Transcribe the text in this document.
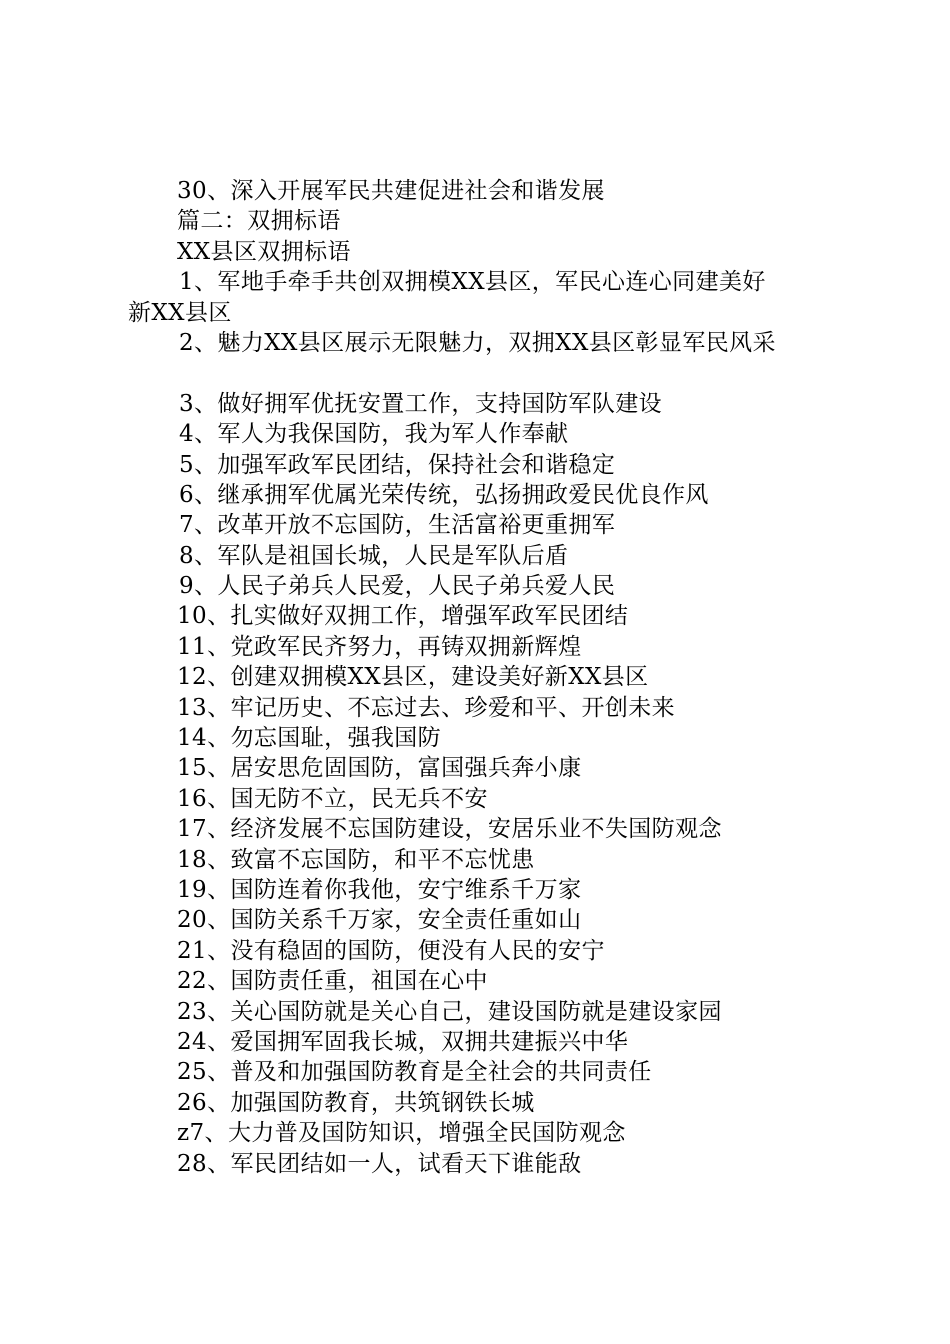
30、深入开展军民共建促进社会和谐发展
篇二：双拥标语
XX县区双拥标语
1、军地手牵手共创双拥模XX县区，军民心连心同建美好
新XX县区
2、魅力XX县区展示无限魅力，双拥XX县区彰显军民风采
3、做好拥军优抚安置工作，支持国防军队建设
4、军人为我保国防，我为军人作奉献
5、加强军政军民团结，保持社会和谐稳定
6、继承拥军优属光荣传统，弘扬拥政爱民优良作风
7、改革开放不忘国防，生活富裕更重拥军
8、军队是祖国长城，人民是军队后盾
9、人民子弟兵人民爱，人民子弟兵爱人民
10、扎实做好双拥工作，增强军政军民团结
11、党政军民齐努力，再铸双拥新辉煌
12、创建双拥模XX县区，建设美好新XX县区
13、牢记历史、不忘过去、珍爱和平、开创未来
14、勿忘国耻，强我国防
15、居安思危固国防，富国强兵奔小康
16、国无防不立，民无兵不安
17、经济发展不忘国防建设，安居乐业不失国防观念
18、致富不忘国防，和平不忘忧患
19、国防连着你我他，安宁维系千万家
20、国防关系千万家，安全责任重如山
21、没有稳固的国防，便没有人民的安宁
22、国防责任重，祖国在心中
23、关心国防就是关心自己，建设国防就是建设家园
24、爱国拥军固我长城，双拥共建振兴中华
25、普及和加强国防教育是全社会的共同责任
26、加强国防教育，共筑钢铁长城
z7、大力普及国防知识，增强全民国防观念
28、军民团结如一人，试看天下谁能敌
